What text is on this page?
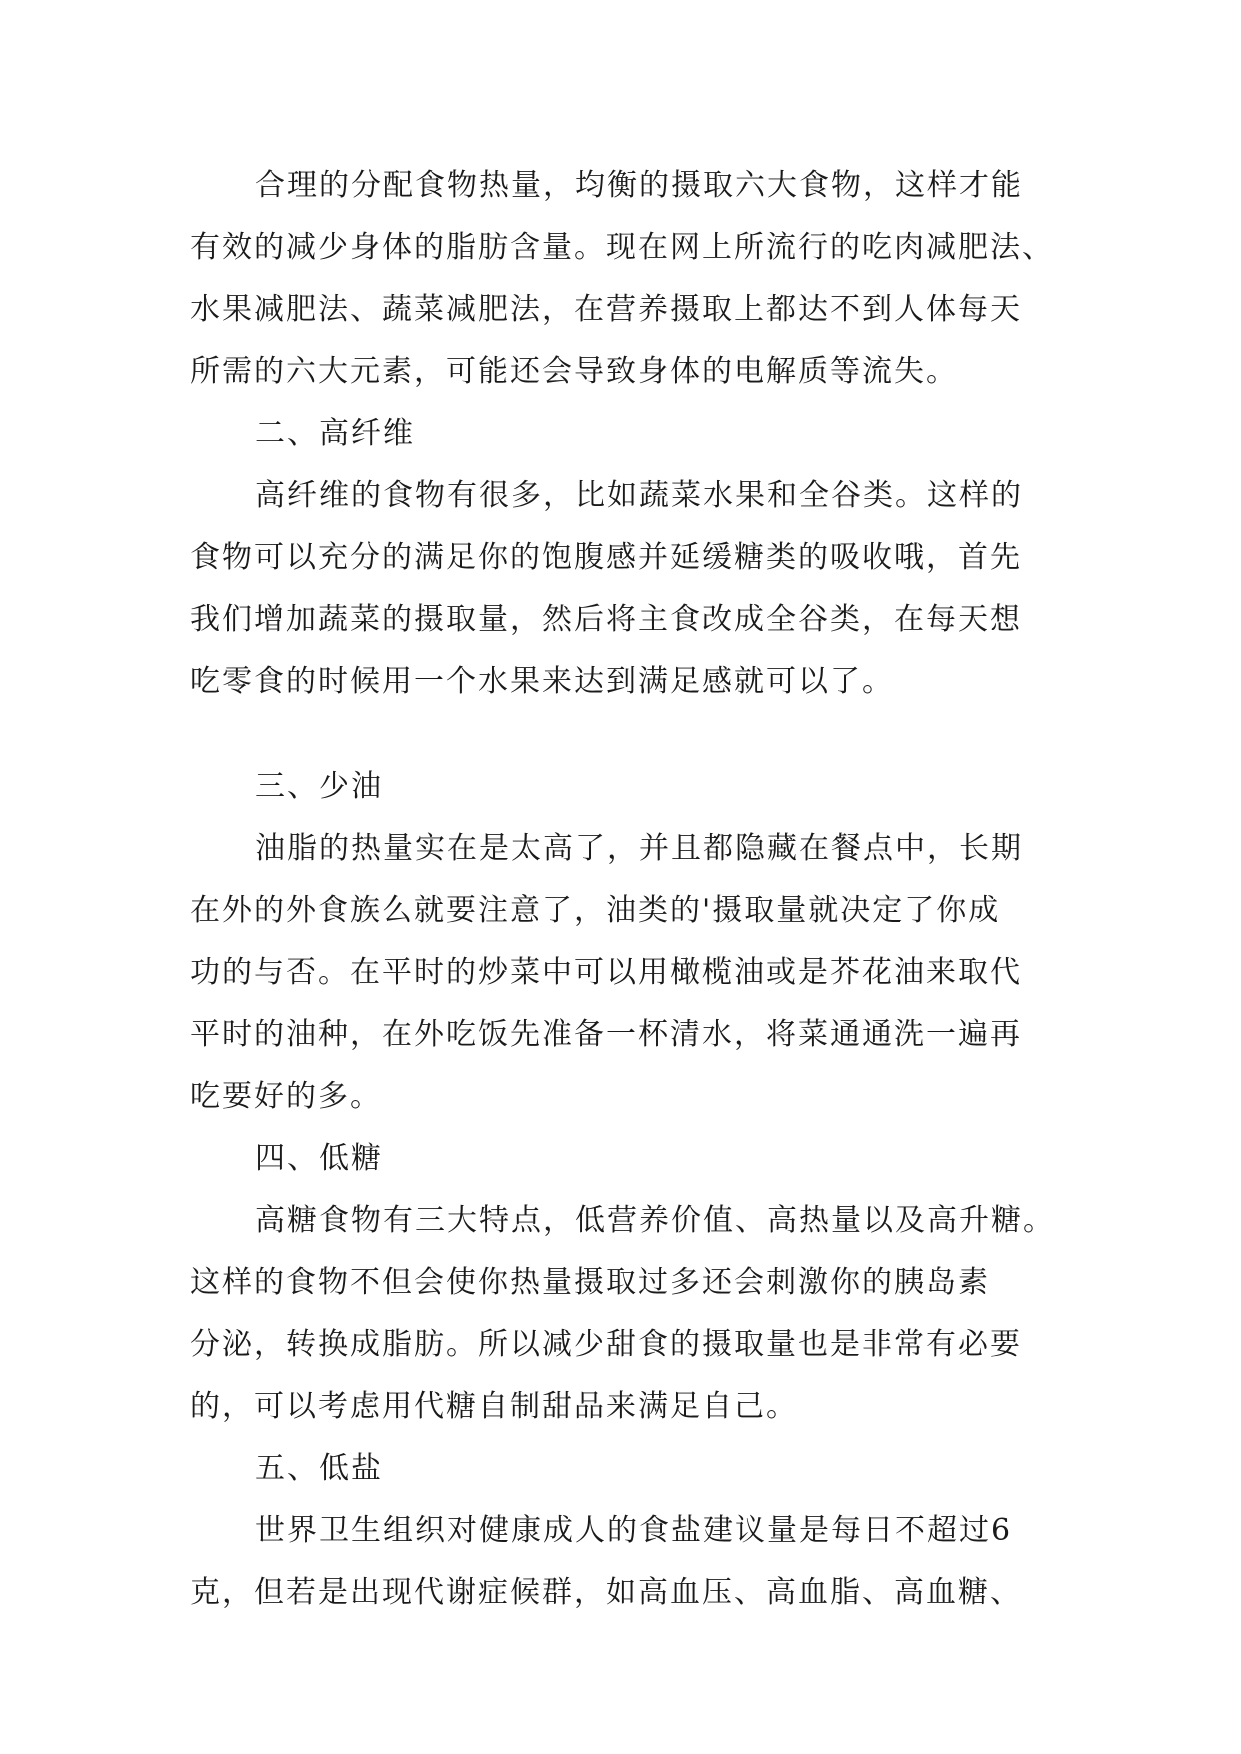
合理的分配食物热量，均衡的摄取六大食物，这样才能
有效的减少身体的脂肪含量。现在网上所流行的吃肉减肥法、
水果减肥法、蔬菜减肥法，在营养摄取上都达不到人体每天
所需的六大元素，可能还会导致身体的电解质等流失。
二、高纤维
高纤维的食物有很多，比如蔬菜水果和全谷类。这样的
食物可以充分的满足你的饱腹感并延缓糖类的吸收哦，首先
我们增加蔬菜的摄取量，然后将主食改成全谷类，在每天想
吃零食的时候用一个水果来达到满足感就可以了。
三、少油
油脂的热量实在是太高了，并且都隐藏在餐点中，长期
在外的外食族么就要注意了，油类的'摄取量就决定了你成
功的与否。在平时的炒菜中可以用橄榄油或是芥花油来取代
平时的油种，在外吃饭先准备一杯清水，将菜通通洗一遍再
吃要好的多。
四、低糖
高糖食物有三大特点，低营养价值、高热量以及高升糖。
这样的食物不但会使你热量摄取过多还会刺激你的胰岛素
分泌，转换成脂肪。所以减少甜食的摄取量也是非常有必要
的，可以考虑用代糖自制甜品来满足自己。
五、低盐
世界卫生组织对健康成人的食盐建议量是每日不超过6
克，但若是出现代谢症候群，如高血压、高血脂、高血糖、
